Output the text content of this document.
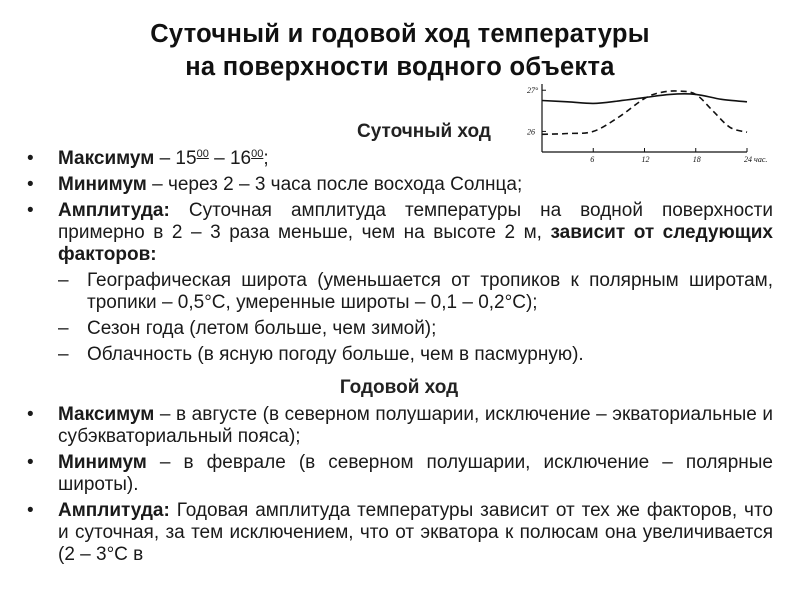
Суточный и годовой ход температуры
на поверхности водного объекта
6	12	18	24 час.
27°
26
Суточный ход
• Максимум – $15^{00} - 16^{00}$;
• Минимум – через 2 – 3 часа после восхода Солнца;
• Амплитуда: Суточная амплитуда температуры на водной поверхности примерно в 2 – 3 раза меньше, чем на высоте 2 м, зависит от следующих факторов:
– Географическая широта (уменьшается от тропиков к полярным широтам, тропики – 0,5°С, умеренные широты – 0,1 – 0,2°С);
– Сезон года (летом больше, чем зимой);
– Облачность (в ясную погоду больше, чем в пасмурную).
Годовой ход
• Максимум – в августе (в северном полушарии, исключение – экваториальные и субэкваториальный пояса);
• Минимум – в феврале (в северном полушарии, исключение – полярные широты).
• Амплитуда: Годовая амплитуда температуры зависит от тех же факторов, что и суточная, за тем исключением, что от экватора к полюсам она увеличивается (2 – 3°С в
